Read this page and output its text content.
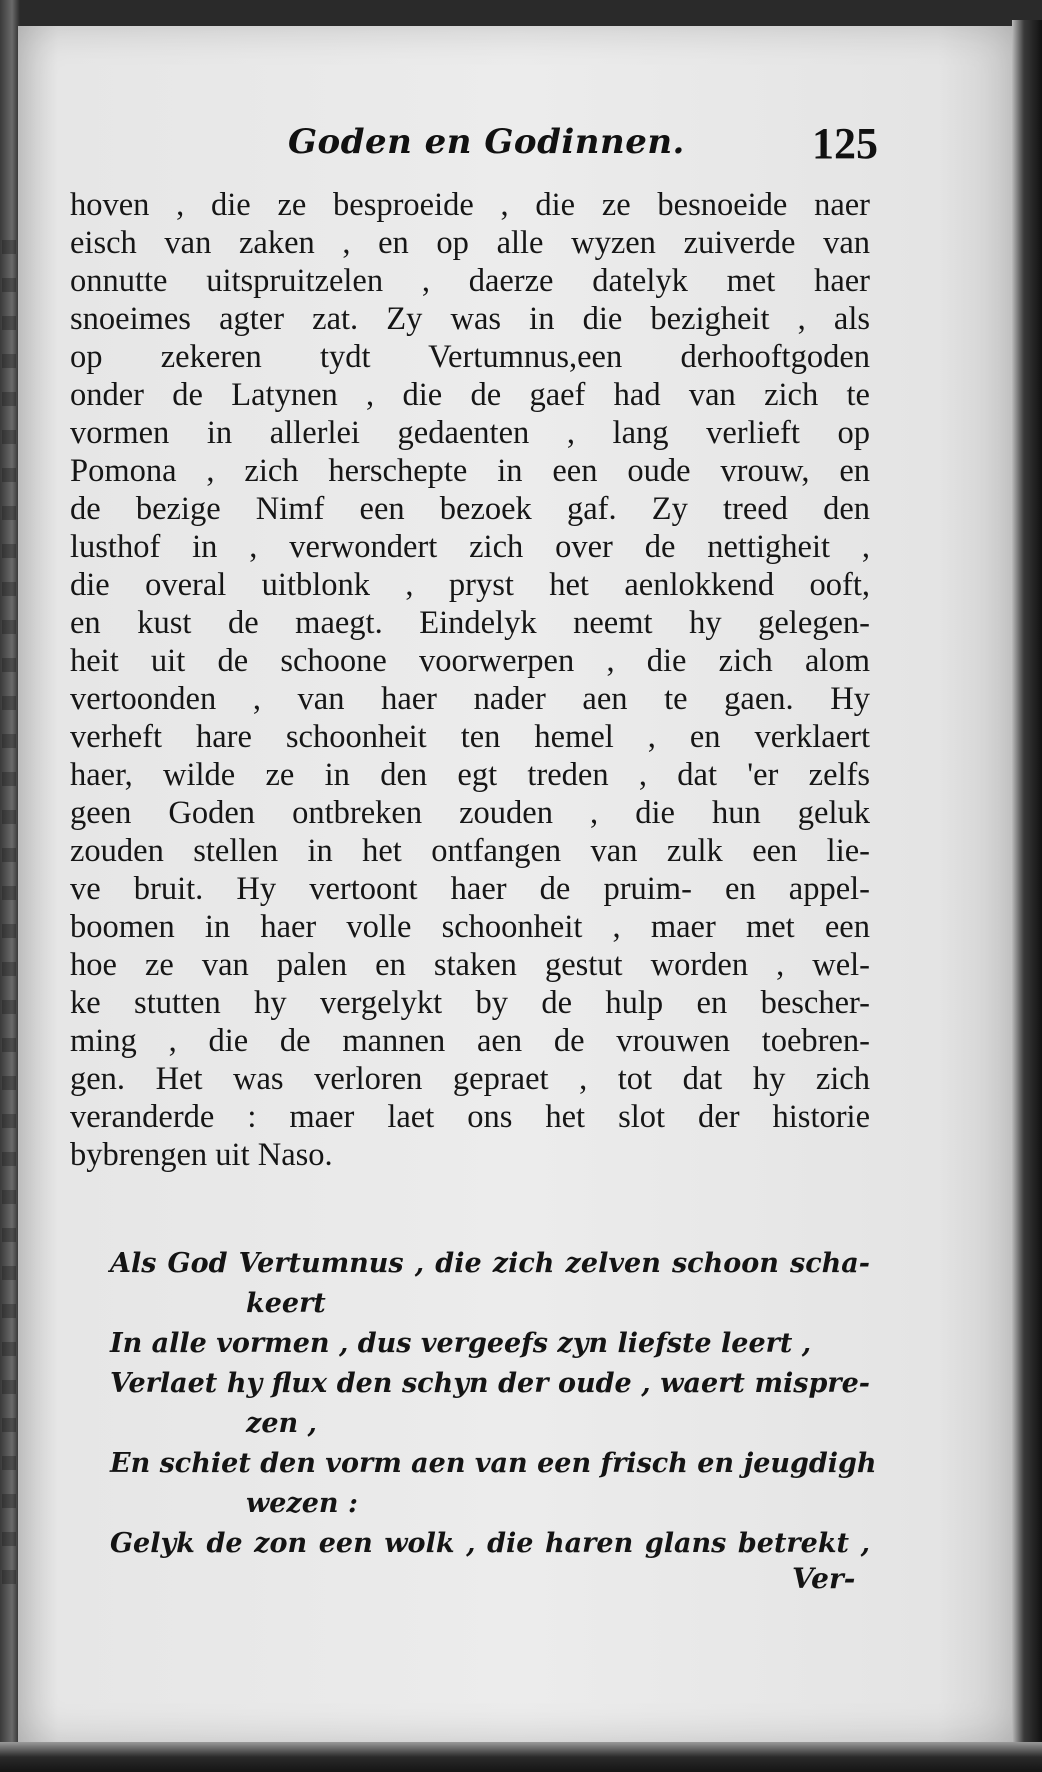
Goden en Godinnen.	125
hoven , die ze besproeide , die ze besnoeide naer
eisch van zaken , en op alle wyzen zuiverde van
onnutte uitspruitzelen , daerze datelyk met haer
snoeimes agter zat. Zy was in die bezigheit , als
op zekeren tydt Vertumnus,een derhooftgoden
onder de Latynen , die de gaef had van zich te
vormen in allerlei gedaenten , lang verlieft op
Pomona , zich herschepte in een oude vrouw, en
de bezige Nimf een bezoek gaf. Zy treed den
lusthof in , verwondert zich over de nettigheit ,
die overal uitblonk , pryst het aenlokkend ooft,
en kust de maegt. Eindelyk neemt hy gelegen-
heit uit de schoone voorwerpen , die zich alom
vertoonden , van haer nader aen te gaen. Hy
verheft hare schoonheit ten hemel , en verklaert
haer, wilde ze in den egt treden , dat 'er zelfs
geen Goden ontbreken zouden , die hun geluk
zouden stellen in het ontfangen van zulk een lie-
ve bruit. Hy vertoont haer de pruim- en appel-
boomen in haer volle schoonheit , maer met een
hoe ze van palen en staken gestut worden , wel-
ke stutten hy vergelykt by de hulp en bescher-
ming , die de mannen aen de vrouwen toebren-
gen. Het was verloren gepraet , tot dat hy zich
veranderde : maer laet ons het slot der historie
bybrengen uit Naso.
Als God Vertumnus , die zich zelven schoon scha-
keert
In alle vormen , dus vergeefs zyn liefste leert ,
Verlaet hy flux den schyn der oude , waert mispre-
zen ,
En schiet den vorm aen van een frisch en jeugdigh
wezen :
Gelyk de zon een wolk , die haren glans betrekt ,
Ver-
